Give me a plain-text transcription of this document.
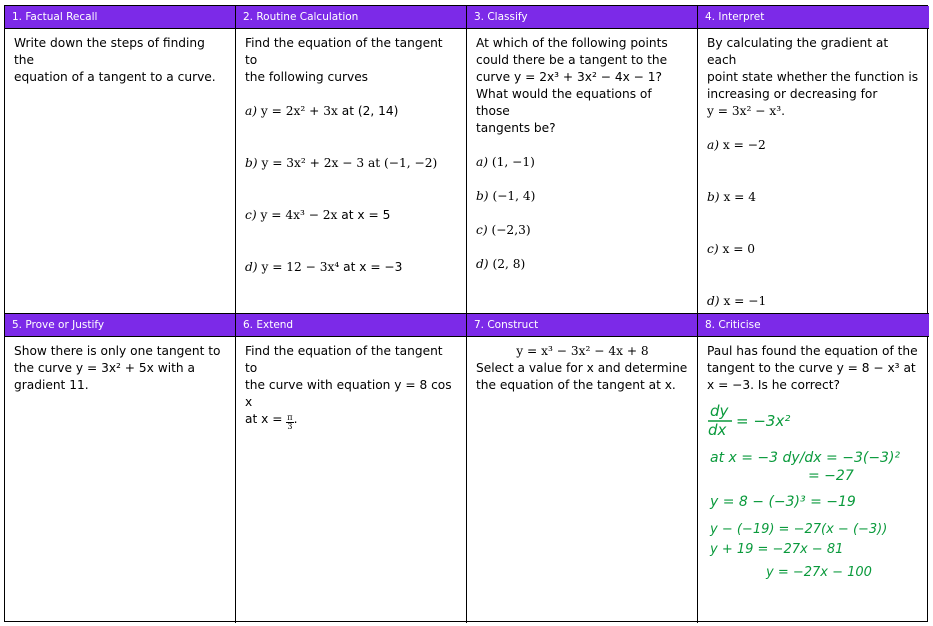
1. Factual Recall
Write down the steps of finding the
equation of a tangent to a curve.
2. Routine Calculation
Find the equation of the tangent to
the following curves
a) y = 2x² + 3x at (2, 14)
b) y = 3x² + 2x − 3 at (−1, −2)
c) y = 4x³ − 2x at x = 5
d) y = 12 − 3x⁴ at x = −3
3. Classify
At which of the following points
could there be a tangent to the
curve y = 2x³ + 3x² − 4x − 1?
What would the equations of those
tangents be?
a) (1, −1)
b) (−1, 4)
c) (−2,3)
d) (2, 8)
4. Interpret
By calculating the gradient at each
point state whether the function is
increasing or decreasing for
y = 3x² − x³.
a) x = −2
b) x = 4
c) x = 0
d) x = −1
5. Prove or Justify
Show there is only one tangent to
the curve y = 3x² + 5x with a
gradient 11.
6. Extend
Find the equation of the tangent to
the curve with equation y = 8 cos x
at $x = \frac{\pi}{3}$ .
7. Construct
y = x³ − 3x² − 4x + 8
Select a value for x and determine
the equation of the tangent at x.
8. Criticise
Paul has found the equation of the
tangent to the curve y = 8 − x³ at
x = −3. Is he correct?
dy
dx = −3x²
at x = −3 dy/dx = −3(−3)²
= −27
y = 8 − (−3)³ = −19
y − (−19) = −27(x − (−3))
y + 19 = −27x − 81
y = −27x − 100
